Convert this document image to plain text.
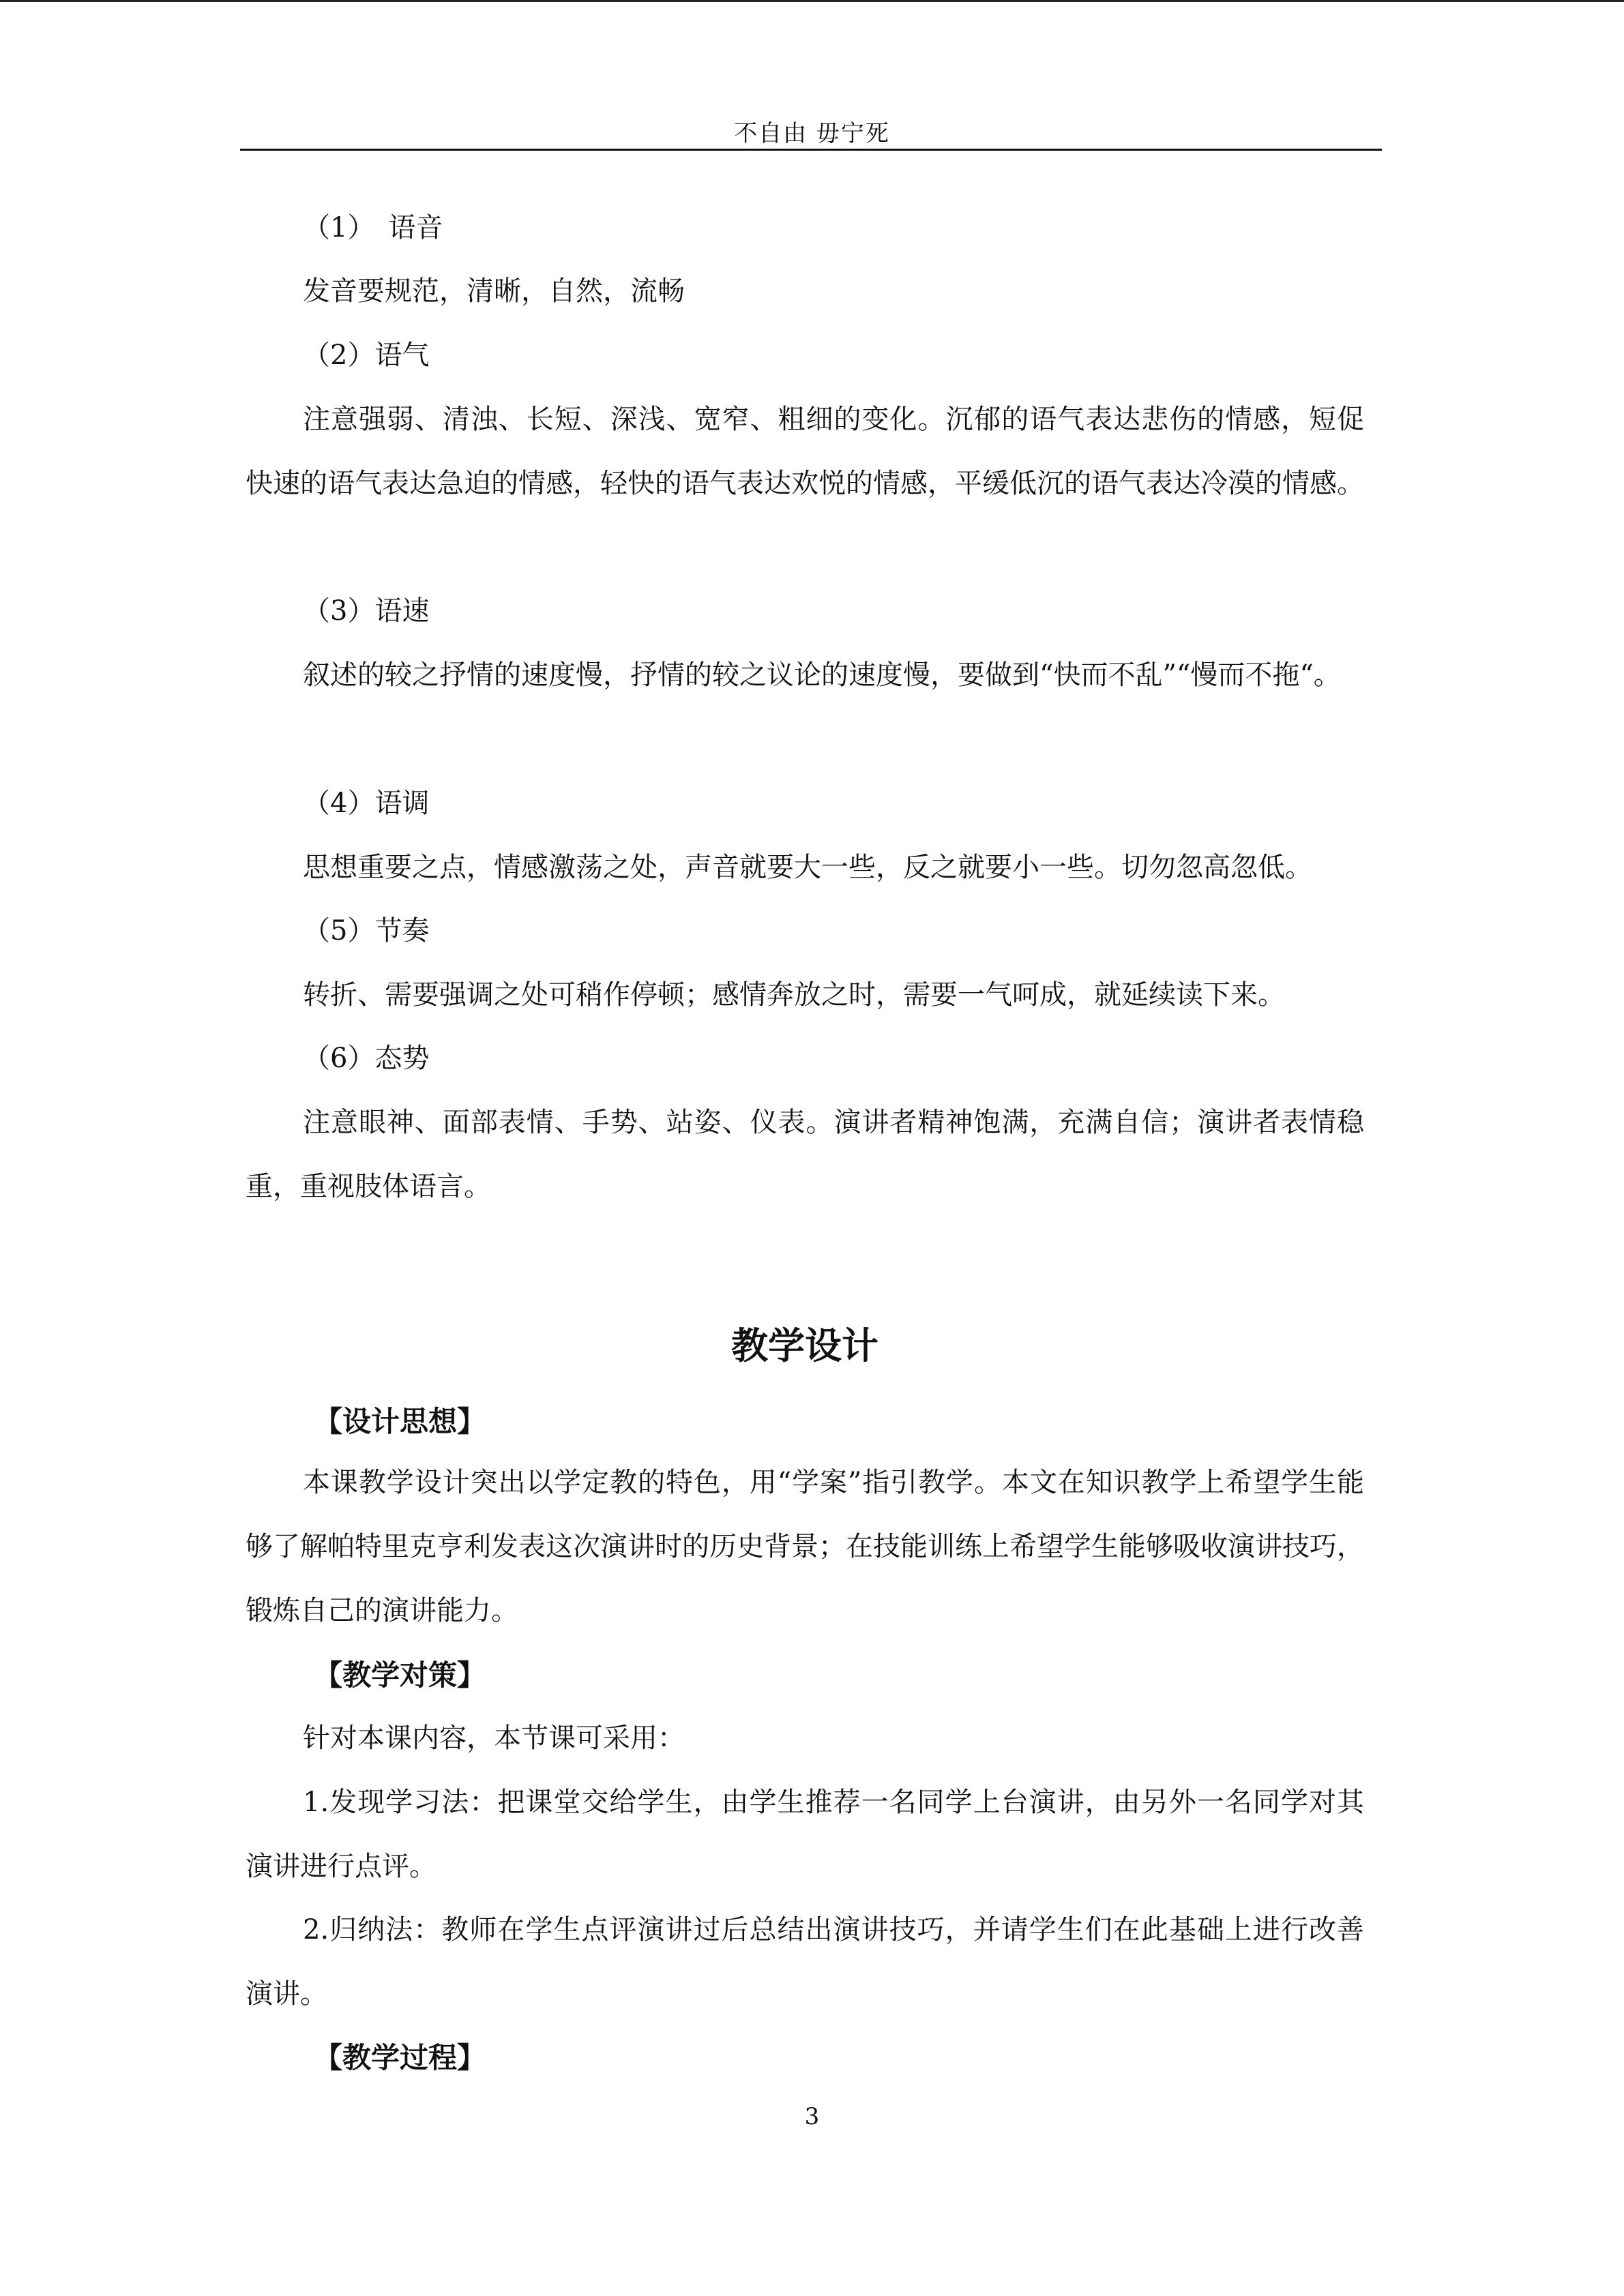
不自由 毋宁死
（1）　语音
发音要规范，清晰，自然，流畅
（2）语气
注意强弱、清浊、长短、深浅、宽窄、粗细的变化。沉郁的语气表达悲伤的情感，短促快速的语气表达急迫的情感，轻快的语气表达欢悦的情感，平缓低沉的语气表达冷漠的情感。
（3）语速
叙述的较之抒情的速度慢，抒情的较之议论的速度慢，要做到“快而不乱”“慢而不拖“。
（4）语调
思想重要之点，情感激荡之处，声音就要大一些，反之就要小一些。切勿忽高忽低。
（5）节奏
转折、需要强调之处可稍作停顿；感情奔放之时，需要一气呵成，就延续读下来。
（6）态势
注意眼神、面部表情、手势、站姿、仪表。演讲者精神饱满，充满自信；演讲者表情稳重，重视肢体语言。
教学设计
【设计思想】
本课教学设计突出以学定教的特色，用“学案”指引教学。本文在知识教学上希望学生能够了解帕特里克亨利发表这次演讲时的历史背景；在技能训练上希望学生能够吸收演讲技巧，锻炼自己的演讲能力。
【教学对策】
针对本课内容，本节课可采用：
1.发现学习法：把课堂交给学生，由学生推荐一名同学上台演讲，由另外一名同学对其演讲进行点评。
2.归纳法：教师在学生点评演讲过后总结出演讲技巧，并请学生们在此基础上进行改善演讲。
【教学过程】
3
